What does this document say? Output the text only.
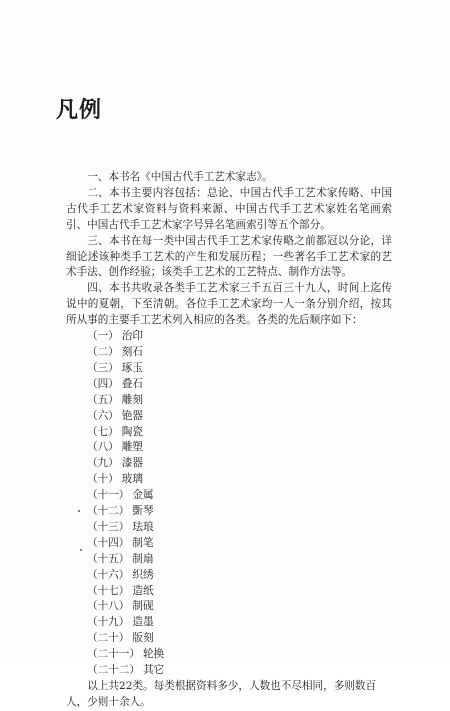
凡例

一、本书名《中国古代手工艺术家志》。

二、本书主要内容包括：总论、中国古代手工艺术家传略、中国古代手工艺术家资料与资料来源、中国古代手工艺术家姓名笔画索引、中国古代手工艺术家字号异名笔画索引等五个部分。

三、本书在每一类中国古代手工艺术家传略之前都冠以分论，详细论述该种类手工艺术的产生和发展历程；一些著名手工艺术家的艺术手法、创作经验；该类手工艺术的工艺特点、制作方法等。

四、本书共收录各类手工艺术家三千五百三十九人，时间上迄传说中的夏朝，下至清朝。各位手工艺术家均一人一条分别介绍，按其所从事的主要手工艺术列入相应的各类。各类的先后顺序如下：

（一） 治印
（二） 刻石
（三） 琢玉
（四） 叠石
（五） 雕刻
（六） 铯器
（七） 陶瓷
（八） 雕塑
（九） 漆器
（十） 玻璃
（十一） 金属
（十二） 斲琴
（十三） 珐琅
（十四） 制笔
（十五） 制扇
（十六） 织绣
（十七） 造纸
（十八） 制砚
（十九） 造墨
（二十） 版刻
（二十一） 轮换
（二十二） 其它

以上共22类。每类根据资料多少，人数也不尽相同，多则数百人，少则十余人。
